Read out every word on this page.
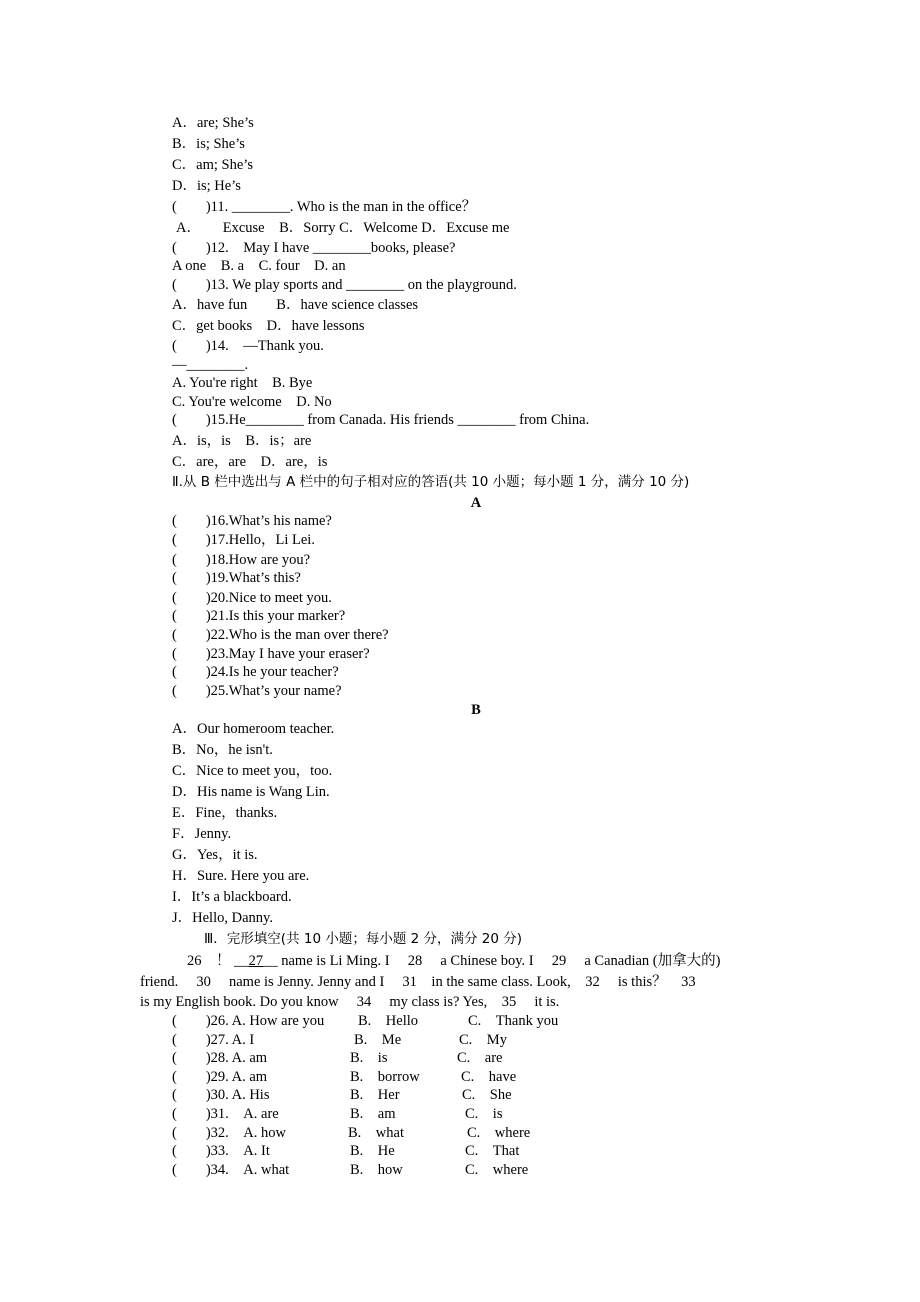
A．are; She’s
B．is; She’s
C．am; She’s
D．is; He’s
(　　)11. ________. Who is the man in the office？
A．　　Excuse　B．Sorry C．Welcome D．Excuse me
(　　)12.　May I have ________books, please?
A one　B. a　C. four　D. an
(　　)13. We play sports and ________ on the playground.
A．have fun　　B．have science classes
C．get books　D．have lessons
(　　)14.　—Thank you.
—________.
A. You're right　B. Bye
C. You're welcome　D. No
(　　)15.He________ from Canada. His friends ________ from China.
A．is，is　B．is；are
C．are，are　D．are，is
Ⅱ.从 B 栏中选出与 A 栏中的句子相对应的答语(共 10 小题；每小题 1 分，满分 10 分)
A
(　　)16.What’s his name?
(　　)17.Hello，Li Lei.
(　　)18.How are you?
(　　)19.What’s this?
(　　)20.Nice to meet you.
(　　)21.Is this your marker?
(　　)22.Who is the man over there?
(　　)23.May I have your eraser?
(　　)24.Is he your teacher?
(　　)25.What’s your name?
B
A．Our homeroom teacher.
B．No，he isn't.
C．Nice to meet you，too.
D．His name is Wang Lin.
E．Fine，thanks.
F．Jenny.
G．Yes，it is.
H．Sure. Here you are.
I．It’s a blackboard.
J．Hello, Danny.
Ⅲ．完形填空(共 10 小题；每小题 2 分，满分 20 分)
26　！ __27__ name is Li Ming. I　 28　 a Chinese boy. I　 29　 a Canadian (加拿大的)
friend.　 30　 name is Jenny. Jenny and I　 31　in the same class. Look,　32　 is this？　33
is my English book. Do you know　 34　 my class is? Yes,　35　 it is.
(　　)26. A. How are you B.　Hello	C.　Thank you
(　　)27. A. I	B.　Me	C.　My
(　　)28. A. am	B.　is	C.　are
(　　)29. A. am	B.　borrow	C.　have
(　　)30. A. His	B.　Her	C.　She
(　　)31.　A. are	B.　am	C.　is
(　　)32.　A. how	B.　what	C.　where
(　　)33.　A. It	B.　He	C.　That
(　　)34.　A. what	B.　how	C.　where
